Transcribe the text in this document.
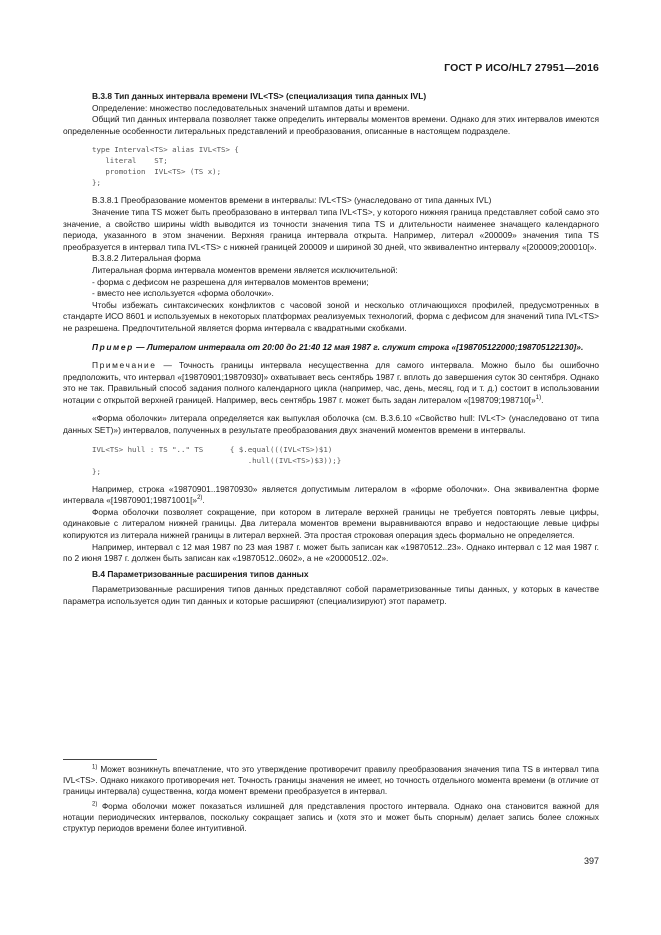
ГОСТ Р ИСО/HL7 27951—2016

В.3.8 Тип данных интервала времени IVL<TS> (специализация типа данных IVL)

Определение: множество последовательных значений штампов даты и времени.

Общий тип данных интервала позволяет также определить интервалы моментов времени. Однако для этих интервалов имеются определенные особенности литеральных представлений и преобразования, описанные в настоящем подразделе.

type Interval<TS> alias IVL<TS> {
literal    ST;
promotion  IVL<TS> (TS x);
};

В.3.8.1 Преобразование моментов времени в интервалы: IVL<TS> (унаследовано от типа данных IVL)

Значение типа TS может быть преобразовано в интервал типа IVL<TS>, у которого нижняя граница представляет собой само это значение, а свойство ширины width выводится из точности значения типа TS и длительности наименее значащего календарного периода, указанного в этом значении. Верхняя граница интервала открыта. Например, литерал «200009» значения типа TS преобразуется в интервал типа IVL<TS> с нижней границей 200009 и шириной 30 дней, что эквивалентно интервалу «[200009;200010[».

В.3.8.2 Литеральная форма

Литеральная форма интервала моментов времени является исключительной:

- форма с дефисом не разрешена для интервалов моментов времени;

- вместо нее используется «форма оболочки».

Чтобы избежать синтаксических конфликтов с часовой зоной и несколько отличающихся профилей, предусмотренных в стандарте ИСО 8601 и используемых в некоторых платформах реализуемых технологий, форма с дефисом для значений типа IVL<TS> не разрешена. Предпочтительной является форма интервала с квадратными скобками.

Пример — Литералом интервала от 20:00 до 21:40 12 мая 1987 г. служит строка «[198705122000;198705122130]».

Примечание — Точность границы интервала несущественна для самого интервала. Можно было бы ошибочно предположить, что интервал «[19870901;19870930]» охватывает весь сентябрь 1987 г. вплоть до завершения суток 30 сентября. Однако это не так. Правильный способ задания полного календарного цикла (например, час, день, месяц, год и т. д.) состоит в использовании нотации с открытой верхней границей. Например, весь сентябрь 1987 г. может быть задан литералом «[198709;198710[»$^{1)}$.

«Форма оболочки» литерала определяется как выпуклая оболочка (см. В.3.6.10 «Свойство hull: IVL<T> (унаследовано от типа данных SET)») интервалов, полученных в результате преобразования двух значений моментов времени в интервалы.

IVL<TS> hull : TS ".." TS      { $.equal(((IVL<TS>)$1)
.hull((IVL<TS>)$3));}
};

Например, строка «19870901..19870930» является допустимым литералом в «форме оболочки». Она эквивалентна форме интервала «[19870901;19871001[»$^{2)}$.

Форма оболочки позволяет сокращение, при котором в литерале верхней границы не требуется повторять левые цифры, одинаковые с литералом нижней границы. Два литерала моментов времени выравниваются вправо и недостающие левые цифры копируются из литерала нижней границы в литерал верхней. Эта простая строковая операция здесь формально не определяется.

Например, интервал с 12 мая 1987 по 23 мая 1987 г. может быть записан как «19870512..23». Однако интервал с 12 мая 1987 г. по 2 июня 1987 г. должен быть записан как «19870512..0602», а не «20000512..02».

В.4 Параметризованные расширения типов данных

Параметризованные расширения типов данных представляют собой параметризованные типы данных, у которых в качестве параметра используется один тип данных и которые расширяют (специализируют) этот параметр.

$^{1)}$ Может возникнуть впечатление, что это утверждение противоречит правилу преобразования значения типа TS в интервал типа IVL<TS>. Однако никакого противоречия нет. Точность границы значения не имеет, но точность отдельного момента времени (в отличие от границы интервала) существенна, когда момент времени преобразуется в интервал.

$^{2)}$ Форма оболочки может показаться излишней для представления простого интервала. Однако она становится важной для нотации периодических интервалов, поскольку сокращает запись и (хотя это и может быть спорным) делает запись более сложных структур периодов времени более интуитивной.

397
